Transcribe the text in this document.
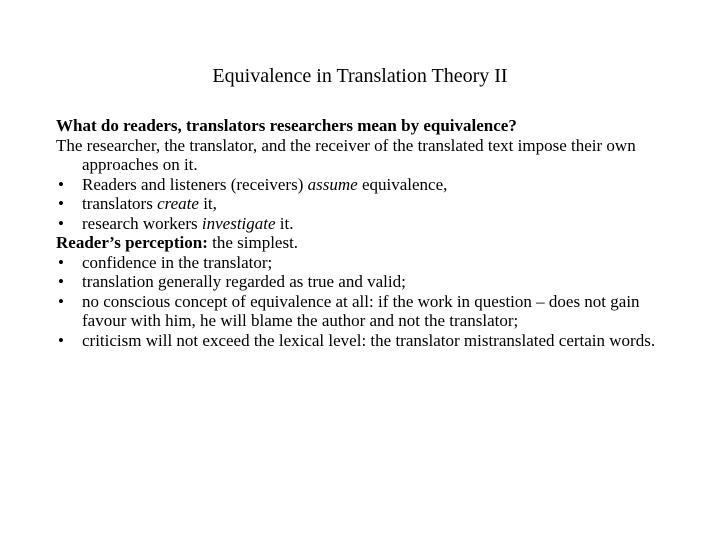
Equivalence in Translation Theory II

What do readers, translators researchers mean by equivalence?

The researcher, the translator, and the receiver of the translated text impose their own approaches on it.

• Readers and listeners (receivers) assume equivalence,
• translators create it,
• research workers investigate it.

Reader’s perception: the simplest.

• confidence in the translator;
• translation generally regarded as true and valid;
• no conscious concept of equivalence at all: if the work in question – does not gain favour with him, he will blame the author and not the translator;
• criticism will not exceed the lexical level: the translator mistranslated certain words.
